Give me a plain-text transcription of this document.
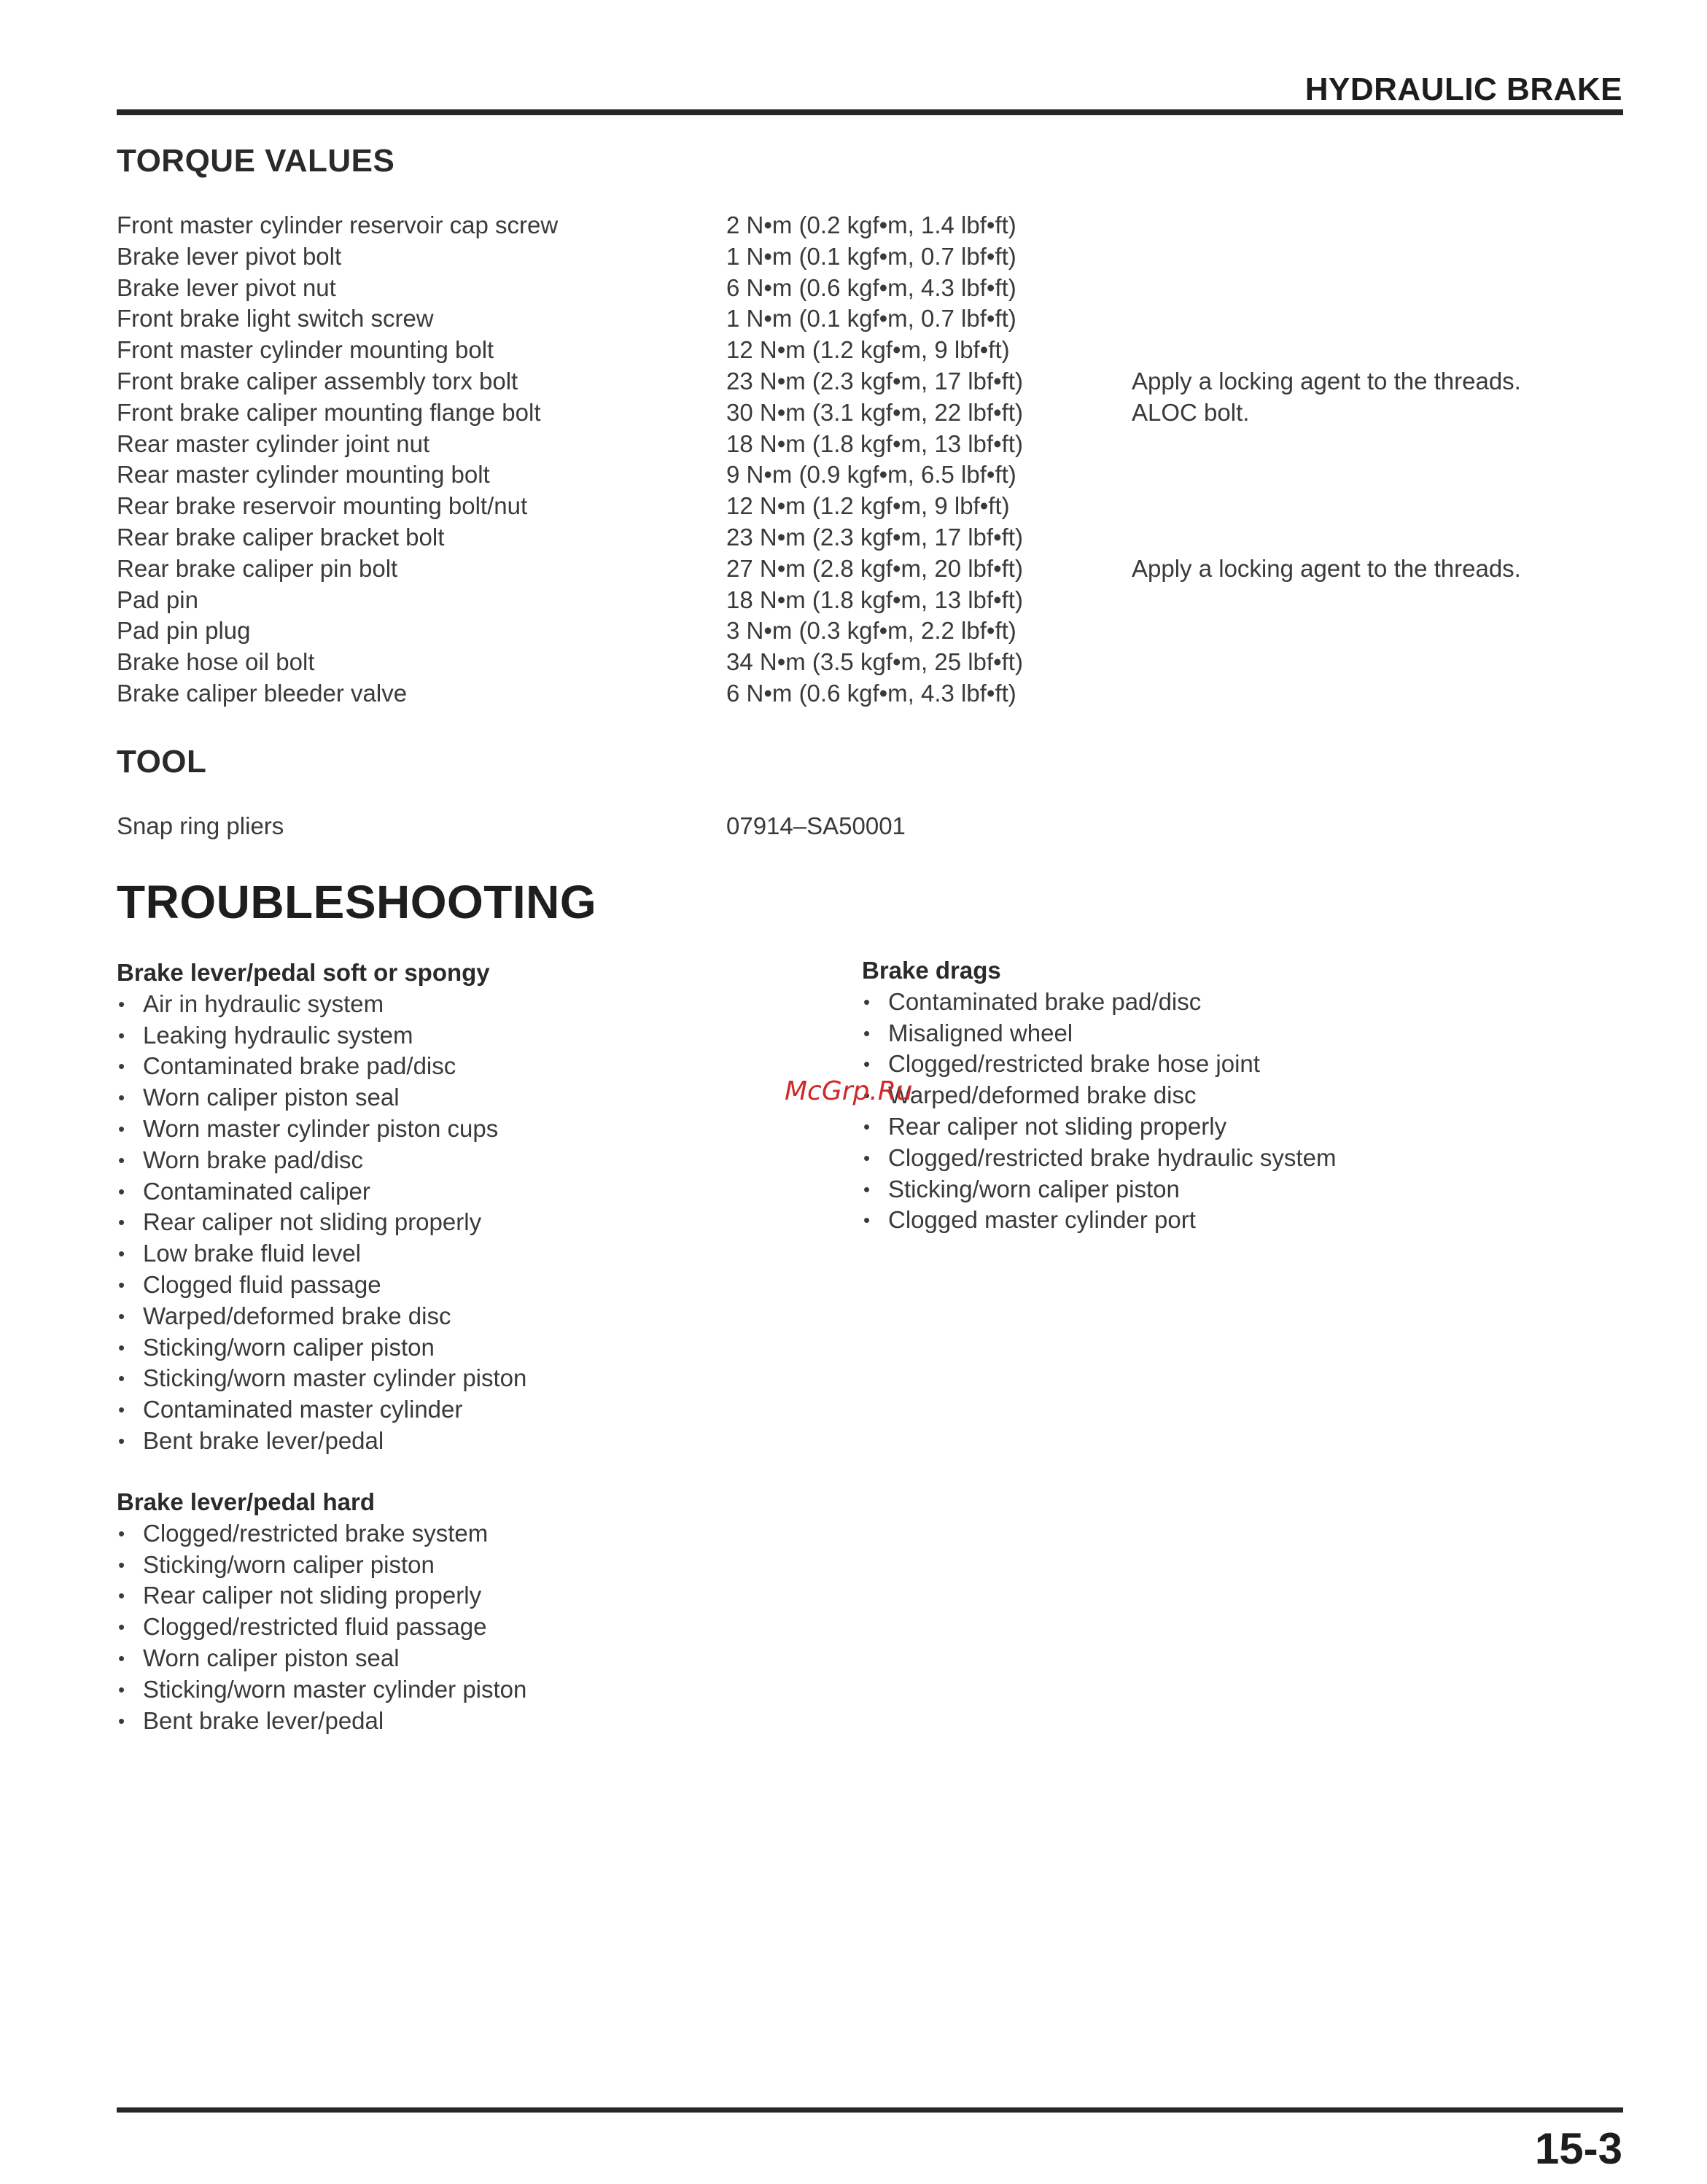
HYDRAULIC BRAKE
TORQUE VALUES
Front master cylinder reservoir cap screw	2 N•m (0.2 kgf•m, 1.4 lbf•ft)	
Brake lever pivot bolt	1 N•m (0.1 kgf•m, 0.7 lbf•ft)	
Brake lever pivot nut	6 N•m (0.6 kgf•m, 4.3 lbf•ft)	
Front brake light switch screw	1 N•m (0.1 kgf•m, 0.7 lbf•ft)	
Front master cylinder mounting bolt	12 N•m (1.2 kgf•m, 9 lbf•ft)	
Front brake caliper assembly torx bolt	23 N•m (2.3 kgf•m, 17 lbf•ft)	Apply a locking agent to the threads.
Front brake caliper mounting flange bolt	30 N•m (3.1 kgf•m, 22 lbf•ft)	ALOC bolt.
Rear master cylinder joint nut	18 N•m (1.8 kgf•m, 13 lbf•ft)	
Rear master cylinder mounting bolt	9 N•m (0.9 kgf•m, 6.5 lbf•ft)	
Rear brake reservoir mounting bolt/nut	12 N•m (1.2 kgf•m, 9 lbf•ft)	
Rear brake caliper bracket bolt	23 N•m (2.3 kgf•m, 17 lbf•ft)	
Rear brake caliper pin bolt	27 N•m (2.8 kgf•m, 20 lbf•ft)	Apply a locking agent to the threads.
Pad pin	18 N•m (1.8 kgf•m, 13 lbf•ft)	
Pad pin plug	3 N•m (0.3 kgf•m, 2.2 lbf•ft)	
Brake hose oil bolt	34 N•m (3.5 kgf•m, 25 lbf•ft)	
Brake caliper bleeder valve	6 N•m (0.6 kgf•m, 4.3 lbf•ft)	
TOOL
Snap ring pliers	07914–SA50001
TROUBLESHOOTING
Brake lever/pedal soft or spongy
• Air in hydraulic system
• Leaking hydraulic system
• Contaminated brake pad/disc
• Worn caliper piston seal
• Worn master cylinder piston cups
• Worn brake pad/disc
• Contaminated caliper
• Rear caliper not sliding properly
• Low brake fluid level
• Clogged fluid passage
• Warped/deformed brake disc
• Sticking/worn caliper piston
• Sticking/worn master cylinder piston
• Contaminated master cylinder
• Bent brake lever/pedal
Brake lever/pedal hard
• Clogged/restricted brake system
• Sticking/worn caliper piston
• Rear caliper not sliding properly
• Clogged/restricted fluid passage
• Worn caliper piston seal
• Sticking/worn master cylinder piston
• Bent brake lever/pedal
Brake drags
• Contaminated brake pad/disc
• Misaligned wheel
• Clogged/restricted brake hose joint
• Warped/deformed brake disc
• Rear caliper not sliding properly
• Clogged/restricted brake hydraulic system
• Sticking/worn caliper piston
• Clogged master cylinder port
McGrp.Ru
15-3
